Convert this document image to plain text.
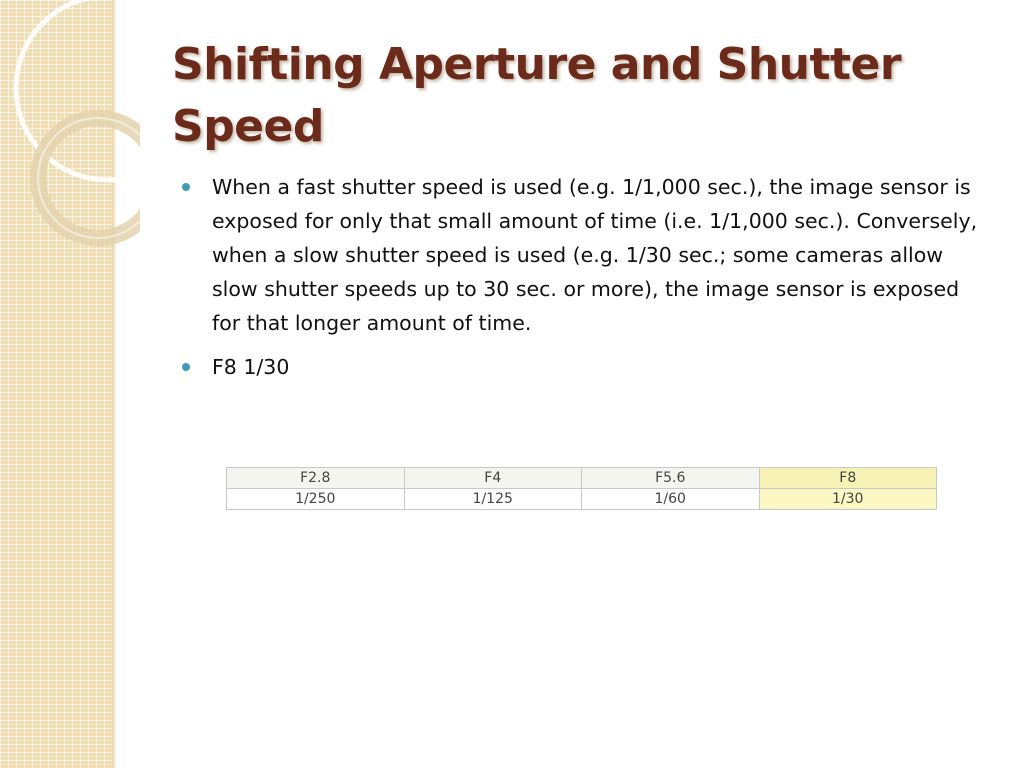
Shifting Aperture and Shutter Speed
When a fast shutter speed is used (e.g. 1/1,000 sec.), the image sensor is exposed for only that small amount of time (i.e. 1/1,000 sec.). Conversely, when a slow shutter speed is used (e.g. 1/30 sec.; some cameras allow slow shutter speeds up to 30 sec. or more), the image sensor is exposed for that longer amount of time.
F8 1/30
F2.8	F4	F5.6	F8
1/250	1/125	1/60	1/30
